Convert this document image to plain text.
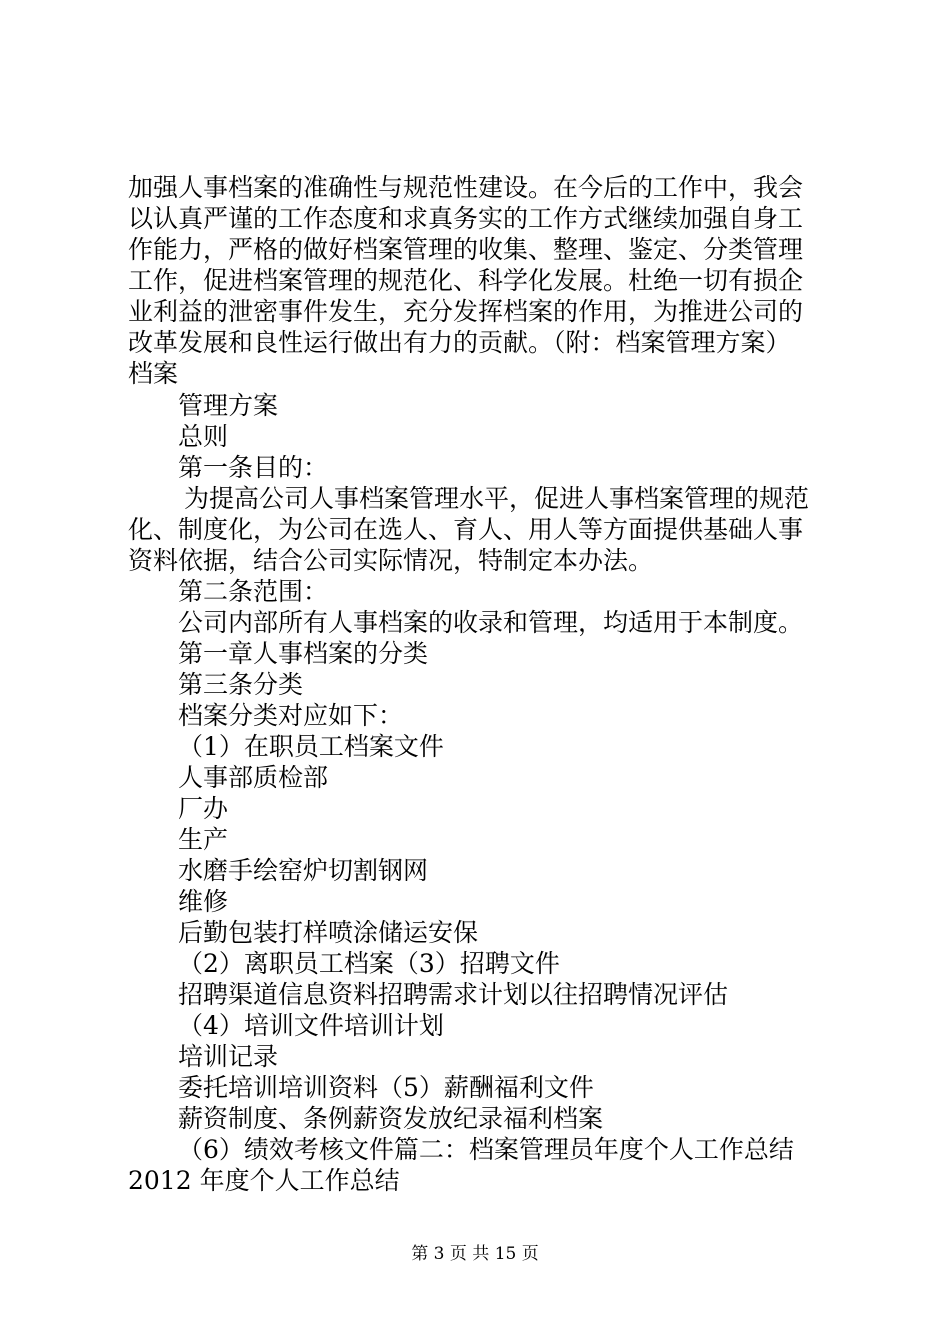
加强人事档案的准确性与规范性建设。在今后的工作中，我会
以认真严谨的工作态度和求真务实的工作方式继续加强自身工
作能力，严格的做好档案管理的收集、整理、鉴定、分类管理
工作，促进档案管理的规范化、科学化发展。杜绝一切有损企
业利益的泄密事件发生，充分发挥档案的作用，为推进公司的
改革发展和良性运行做出有力的贡献。（附：档案管理方案）
档案
管理方案
总则
第一条目的：
为提高公司人事档案管理水平，促进人事档案管理的规范
化、制度化，为公司在选人、育人、用人等方面提供基础人事
资料依据，结合公司实际情况，特制定本办法。
第二条范围：
公司内部所有人事档案的收录和管理，均适用于本制度。
第一章人事档案的分类
第三条分类
档案分类对应如下：
（1）在职员工档案文件
人事部质检部
厂办
生产
水磨手绘窑炉切割钢网
维修
后勤包装打样喷涂储运安保
（2）离职员工档案（3）招聘文件
招聘渠道信息资料招聘需求计划以往招聘情况评估
（4）培训文件培训计划
培训记录
委托培训培训资料（5）薪酬福利文件
薪资制度、条例薪资发放纪录福利档案
（6）绩效考核文件篇二：档案管理员年度个人工作总结
2012 年度个人工作总结
第 3 页 共 15 页
